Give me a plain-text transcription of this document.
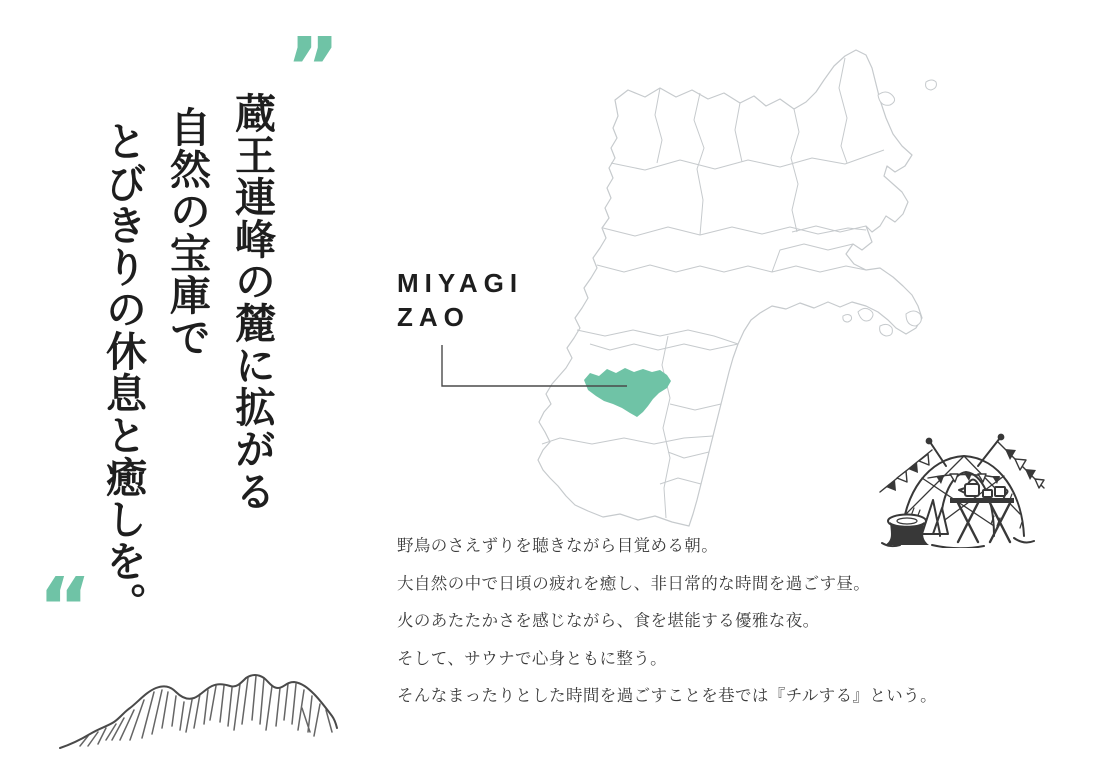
”
“
蔵王連峰の麓に拡がる
自然の宝庫で
とびきりの休息と癒しを。	MIYAGI
ZAO

野鳥のさえずりを聴きながら目覚める朝。

大自然の中で日頃の疲れを癒し、非日常的な時間を過ごす昼。

火のあたたかさを感じながら、食を堪能する優雅な夜。

そして、サウナで心身ともに整う。

そんなまったりとした時間を過ごすことを巷では『チルする』という。
